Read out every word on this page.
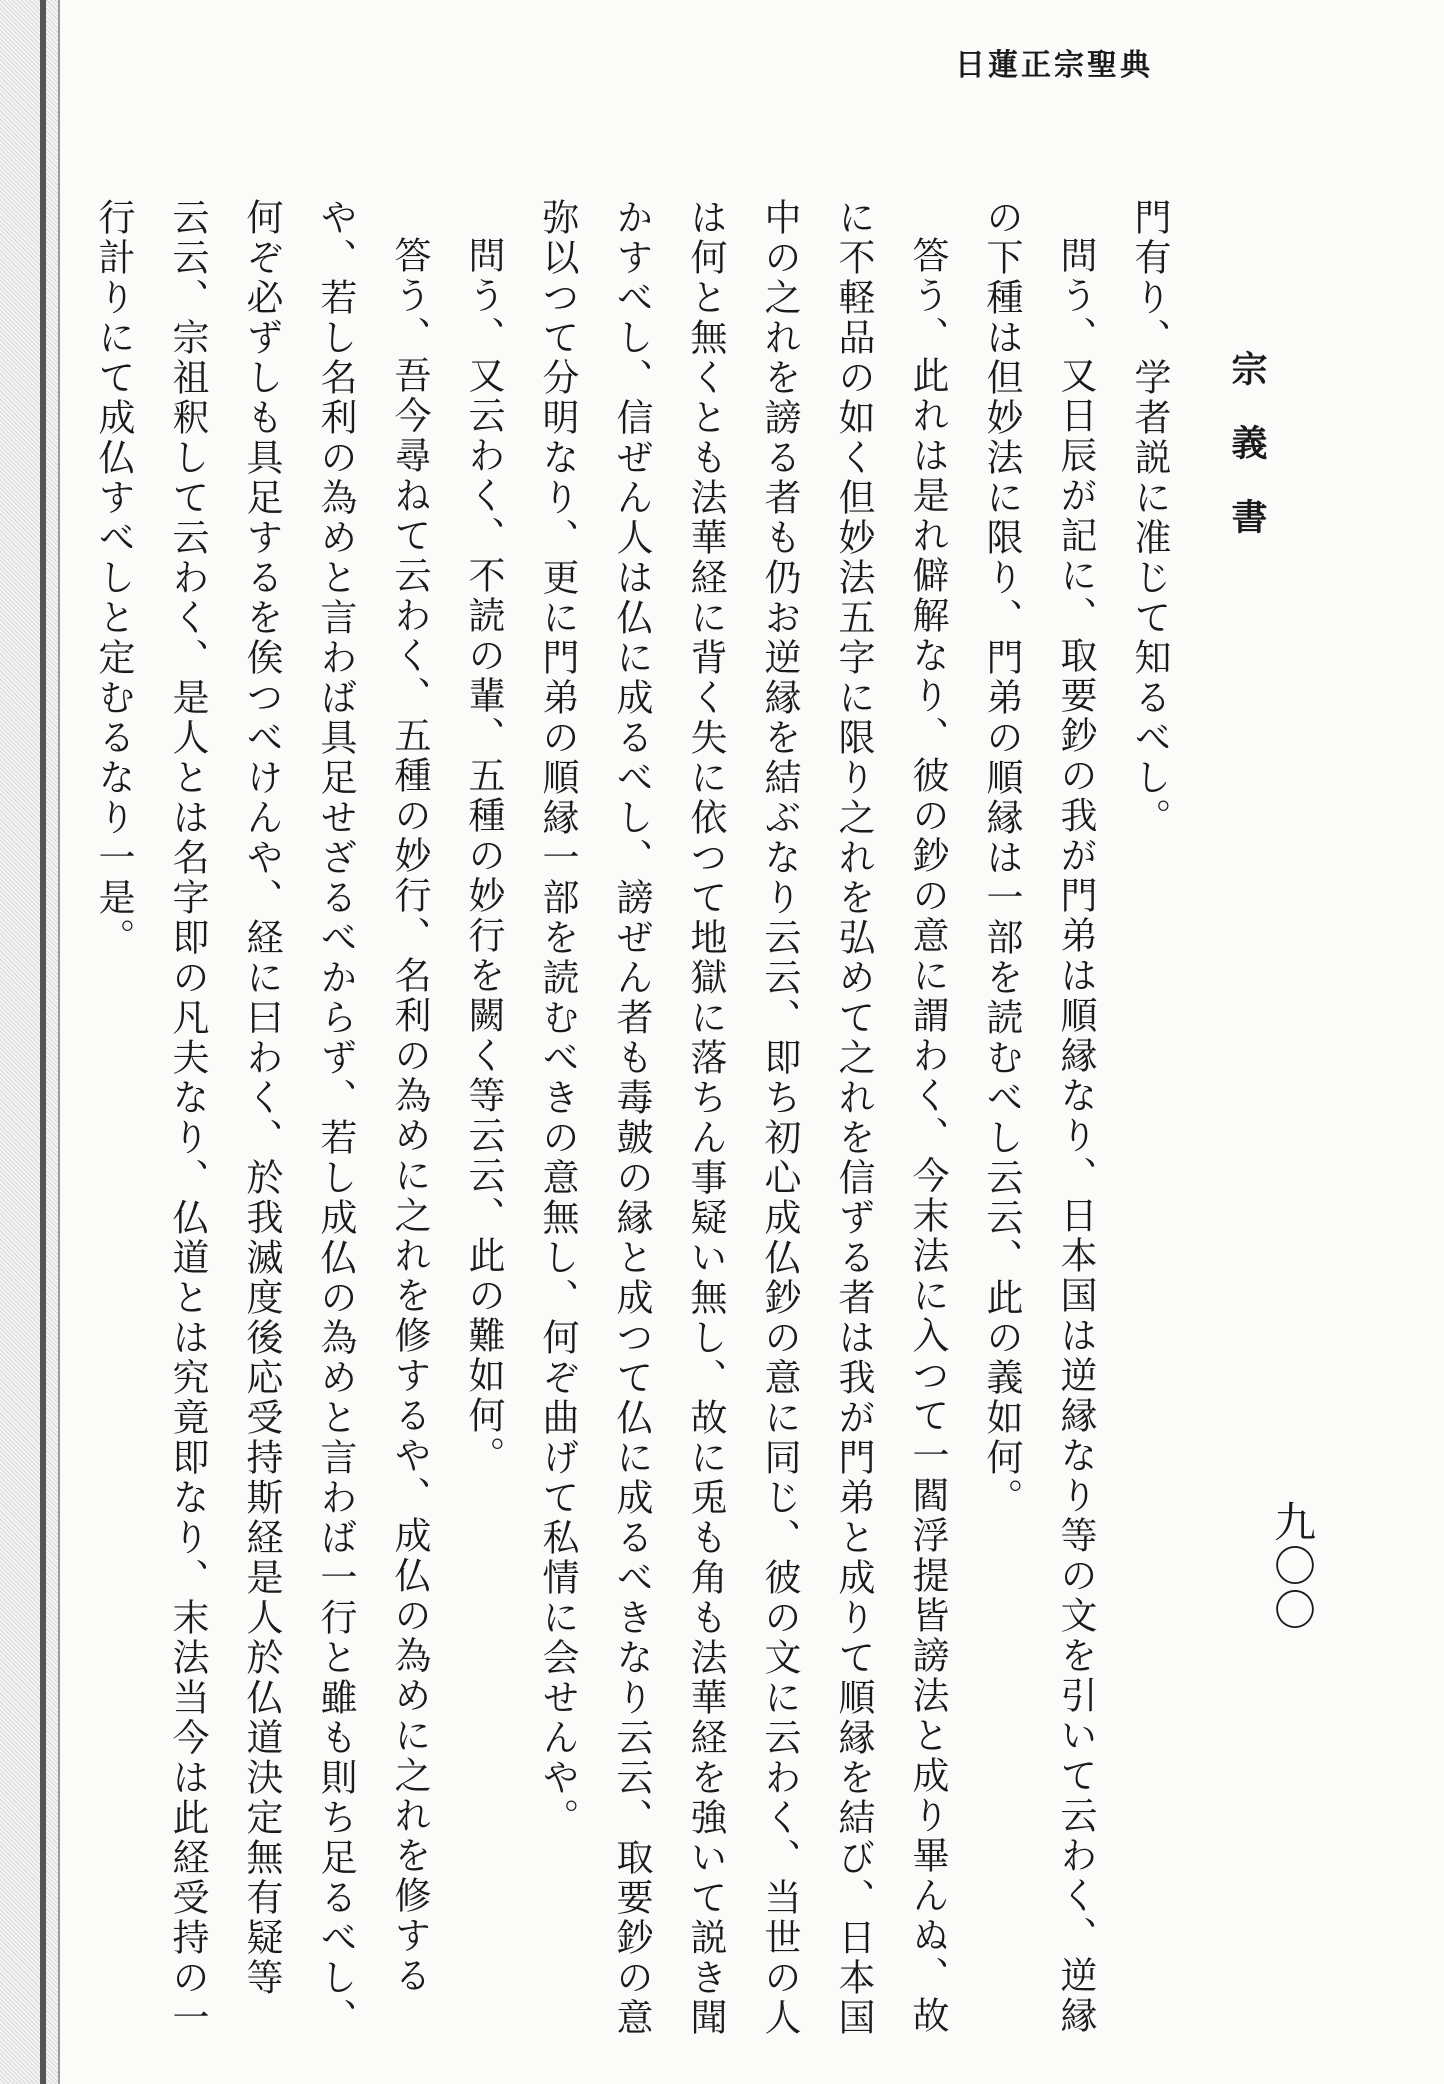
日蓮正宗聖典
宗義書
九〇〇

門有り、学者説に准じて知るべし。

問う、又日辰が記に、取要鈔の我が門弟は順縁なり、日本国は逆縁なり等の文を引いて云わく、逆縁

の下種は但妙法に限り、門弟の順縁は一部を読むべし云云、此の義如何。

答う、此れは是れ僻解なり、彼の鈔の意に謂わく、今末法に入つて一閻浮提皆謗法と成り畢んぬ、故

に不軽品の如く但妙法五字に限り之れを弘めて之れを信ずる者は我が門弟と成りて順縁を結び、日本国

中の之れを謗る者も仍お逆縁を結ぶなり云云、即ち初心成仏鈔の意に同じ、彼の文に云わく、当世の人

は何と無くとも法華経に背く失に依つて地獄に落ちん事疑い無し、故に兎も角も法華経を強いて説き聞

かすべし、信ぜん人は仏に成るべし、謗ぜん者も毒皷の縁と成つて仏に成るべきなり云云、取要鈔の意

弥以つて分明なり、更に門弟の順縁一部を読むべきの意無し、何ぞ曲げて私情に会せんや。

問う、又云わく、不読の輩、五種の妙行を闕く等云云、此の難如何。

答う、吾今尋ねて云わく、五種の妙行、名利の為めに之れを修するや、成仏の為めに之れを修する

や、若し名利の為めと言わば具足せざるべからず、若し成仏の為めと言わば一行と雖も則ち足るべし、

何ぞ必ずしも具足するを俟つべけんや、経に曰わく、於我滅度後応受持斯経是人於仏道決定無有疑等

云云、宗祖釈して云わく、是人とは名字即の凡夫なり、仏道とは究竟即なり、末法当今は此経受持の一

行計りにて成仏すべしと定むるなり一是。
